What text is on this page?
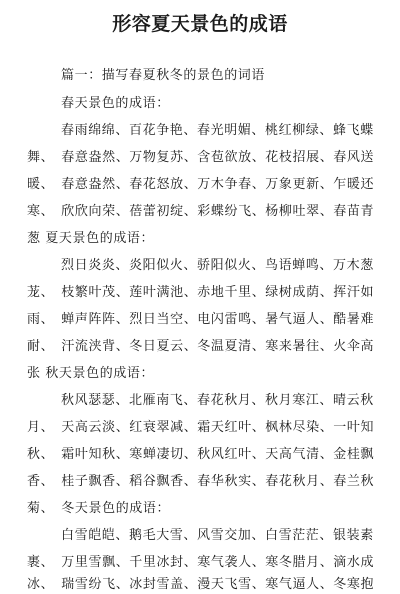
形容夏天景色的成语
篇一：描写春夏秋冬的景色的词语
春天景色的成语：
春雨绵绵、百花争艳、春光明媚、桃红柳绿、蜂飞蝶
舞、　春意盎然、万物复苏、含苞欲放、花枝招展、春风送
暖、　春意盎然、春花怒放、万木争春、万象更新、乍暖还
寒、　欣欣向荣、蓓蕾初绽、彩蝶纷飞、杨柳吐翠、春苗青
葱 夏天景色的成语：
烈日炎炎、炎阳似火、骄阳似火、鸟语蝉鸣、万木葱
茏、　枝繁叶茂、莲叶满池、赤地千里、绿树成荫、挥汗如
雨、　蝉声阵阵、烈日当空、电闪雷鸣、暑气逼人、酷暑难
耐、　汗流浃背、冬日夏云、冬温夏清、寒来暑往、火伞高
张 秋天景色的成语：
秋风瑟瑟、北雁南飞、春花秋月、秋月寒江、晴云秋
月、　天高云淡、红衰翠减、霜天红叶、枫林尽染、一叶知
秋、　霜叶知秋、寒蝉凄切、秋风红叶、天高气清、金桂飘
香、　桂子飘香、稻谷飘香、春华秋实、春花秋月、春兰秋
菊、　冬天景色的成语：
白雪皑皑、鹅毛大雪、风雪交加、白雪茫茫、银装素
裹、　万里雪飘、千里冰封、寒气袭人、寒冬腊月、滴水成
冰、　瑞雪纷飞、冰封雪盖、漫天飞雪、寒气逼人、冬寒抱
